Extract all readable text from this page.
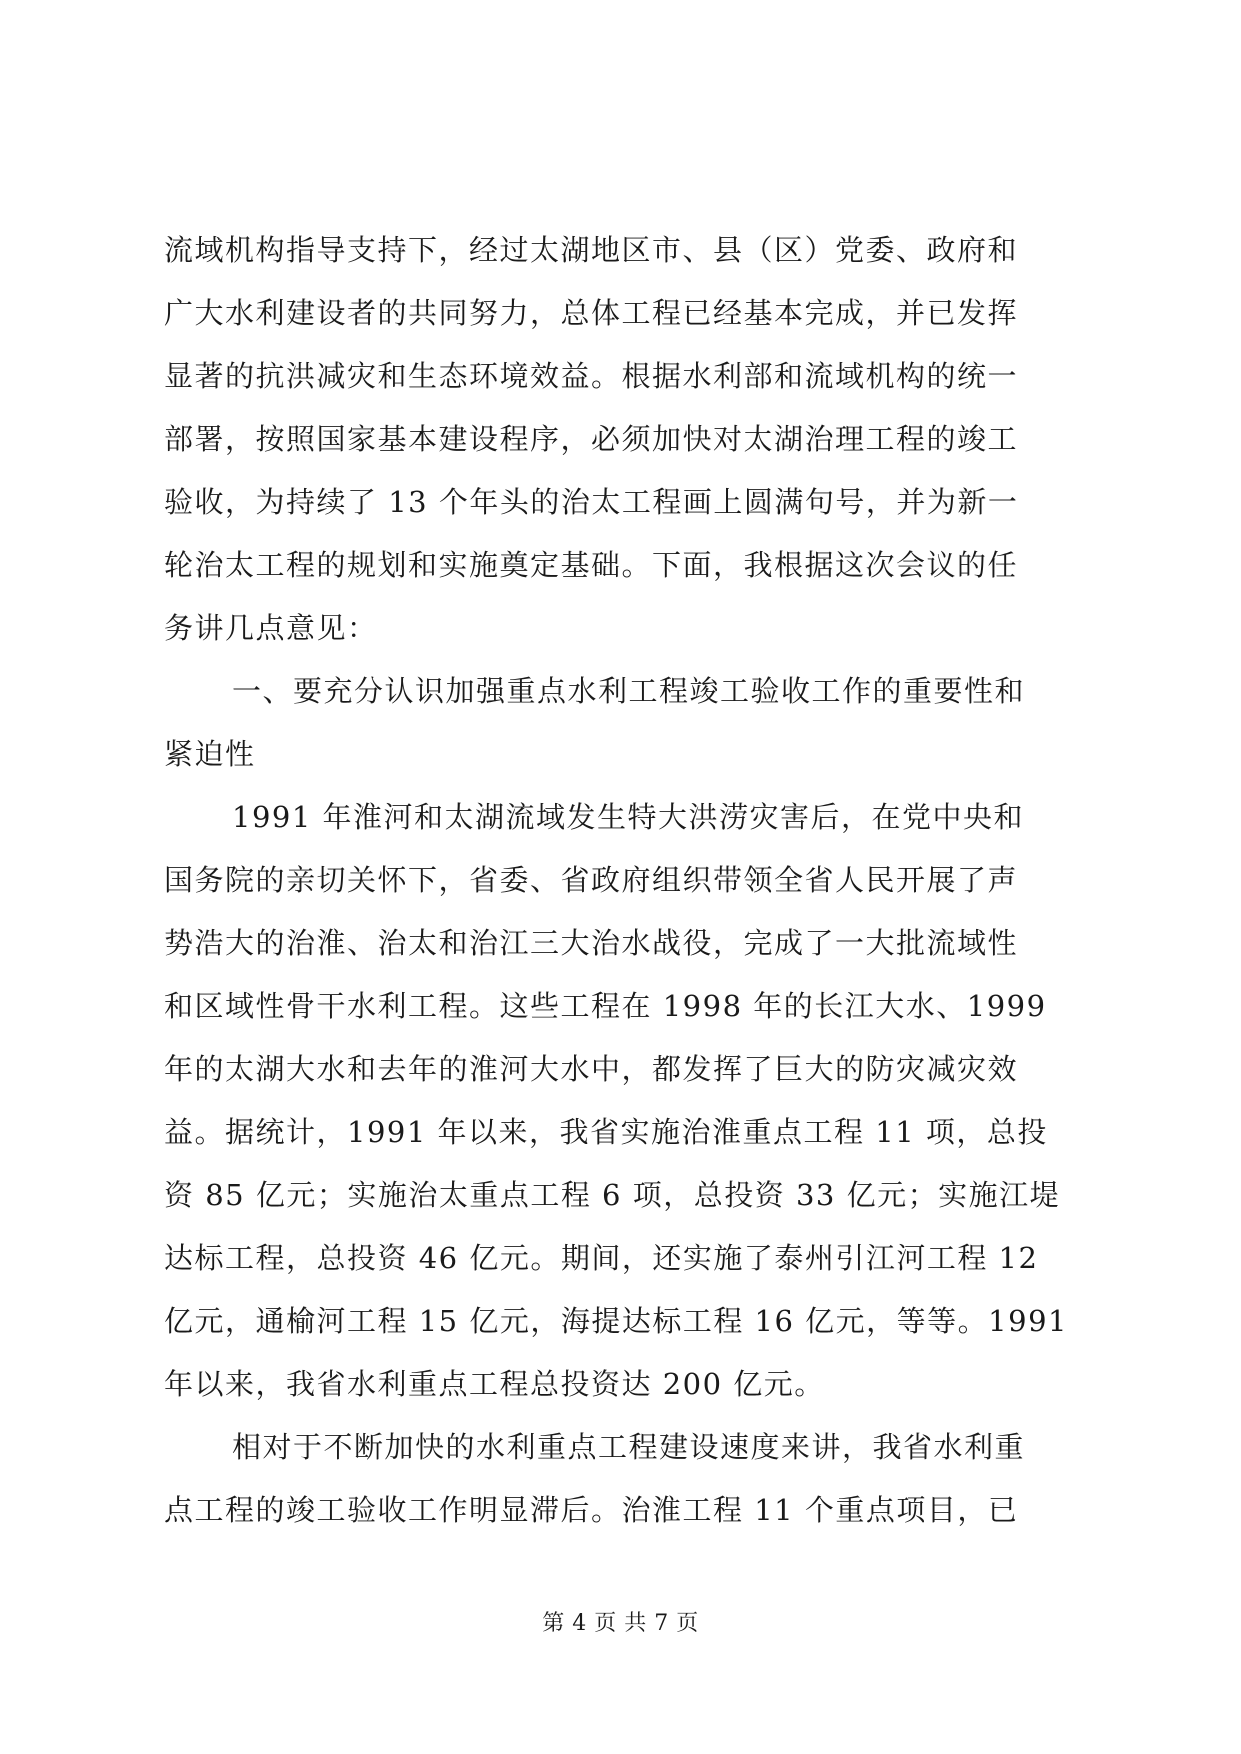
流域机构指导支持下，经过太湖地区市、县（区）党委、政府和
广大水利建设者的共同努力，总体工程已经基本完成，并已发挥
显著的抗洪减灾和生态环境效益。根据水利部和流域机构的统一
部署，按照国家基本建设程序，必须加快对太湖治理工程的竣工
验收，为持续了 13 个年头的治太工程画上圆满句号，并为新一
轮治太工程的规划和实施奠定基础。下面，我根据这次会议的任
务讲几点意见：
一、要充分认识加强重点水利工程竣工验收工作的重要性和
紧迫性
1991 年淮河和太湖流域发生特大洪涝灾害后，在党中央和
国务院的亲切关怀下，省委、省政府组织带领全省人民开展了声
势浩大的治淮、治太和治江三大治水战役，完成了一大批流域性
和区域性骨干水利工程。这些工程在 1998 年的长江大水、1999
年的太湖大水和去年的淮河大水中，都发挥了巨大的防灾减灾效
益。据统计，1991 年以来，我省实施治淮重点工程 11 项，总投
资 85 亿元；实施治太重点工程 6 项，总投资 33 亿元；实施江堤
达标工程，总投资 46 亿元。期间，还实施了泰州引江河工程 12
亿元，通榆河工程 15 亿元，海提达标工程 16 亿元，等等。1991
年以来，我省水利重点工程总投资达 200 亿元。
相对于不断加快的水利重点工程建设速度来讲，我省水利重
点工程的竣工验收工作明显滞后。治淮工程 11 个重点项目，已
第 4 页 共 7 页
